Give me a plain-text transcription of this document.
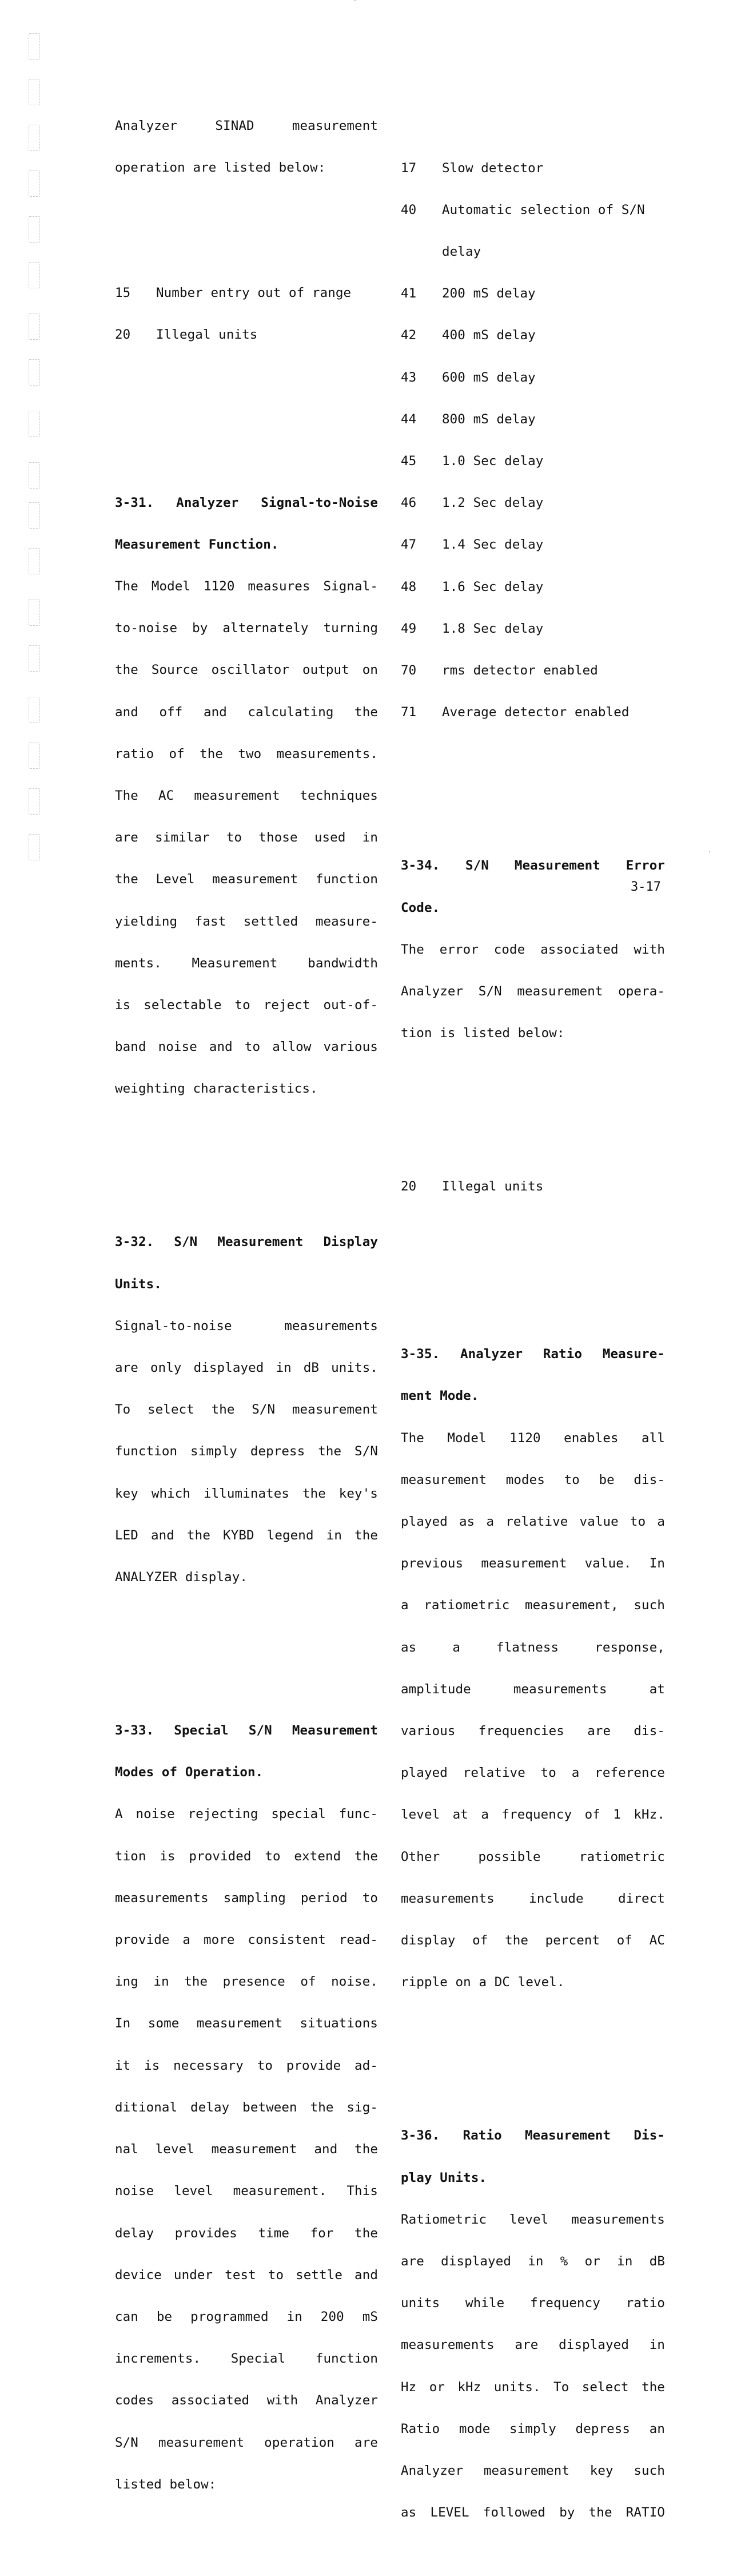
Analyzer SINAD measurement

operation are listed below:

15 Number entry out of range

20 Illegal units

3-31. Analyzer Signal-to-Noise

Measurement Function.

The Model 1120 measures Signal-

to-noise by alternately turning

the Source oscillator output on

and off and calculating the

ratio of the two measurements.

The AC measurement techniques

are similar to those used in

the Level measurement function

yielding fast settled measure-

ments. Measurement bandwidth

is selectable to reject out-of-

band noise and to allow various

weighting characteristics.

3-32. S/N Measurement Display

Units.

Signal-to-noise measurements

are only displayed in dB units.

To select the S/N measurement

function simply depress the S/N

key which illuminates the key's

LED and the KYBD legend in the

ANALYZER display.

3-33. Special S/N Measurement

Modes of Operation.

A noise rejecting special func-

tion is provided to extend the

measurements sampling period to

provide a more consistent read-

ing in the presence of noise.

In some measurement situations

it is necessary to provide ad-

ditional delay between the sig-

nal level measurement and the

noise level measurement. This

delay provides time for the

device under test to settle and

can be programmed in 200 mS

increments. Special function

codes associated with Analyzer

S/N measurement operation are

listed below:

17 Slow detector

40 Automatic selection of S/N

delay

41 200 mS delay

42 400 mS delay

43 600 mS delay

44 800 mS delay

45 1.0 Sec delay

46 1.2 Sec delay

47 1.4 Sec delay

48 1.6 Sec delay

49 1.8 Sec delay

70 rms detector enabled

71 Average detector enabled

3-34. S/N Measurement Error

Code.

The error code associated with

Analyzer S/N measurement opera-

tion is listed below:

20 Illegal units

3-35. Analyzer Ratio Measure-

ment Mode.

The Model 1120 enables all

measurement modes to be dis-

played as a relative value to a

previous measurement value. In

a ratiometric measurement, such

as a flatness response,

amplitude measurements at

various frequencies are dis-

played relative to a reference

level at a frequency of 1 kHz.

Other possible ratiometric

measurements include direct

display of the percent of AC

ripple on a DC level.

3-36. Ratio Measurement Dis-

play Units.

Ratiometric level measurements

are displayed in % or in dB

units while frequency ratio

measurements are displayed in

Hz or kHz units. To select the

Ratio mode simply depress an

Analyzer measurement key such

as LEVEL followed by the RATIO

3-17
